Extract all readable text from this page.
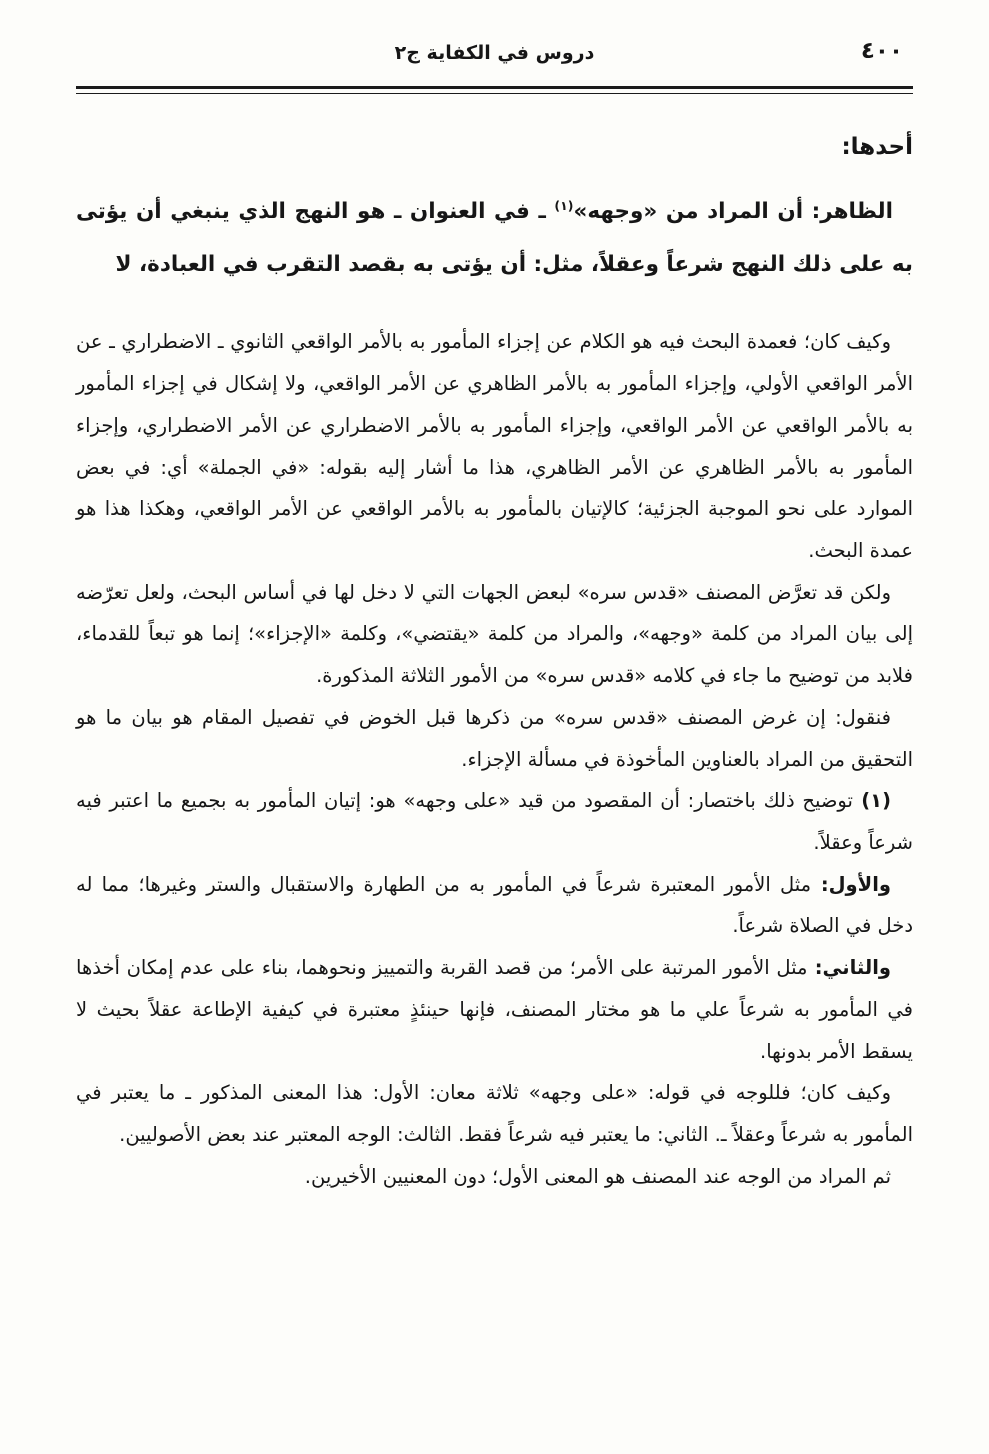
دروس في الكفاية ج٢	٤٠٠
أحدها:

الظاهر: أن المراد من «وجهه»$^{(١)}$ ـ في العنوان ـ هو النهج الذي ينبغي أن يؤتى به على ذلك النهج شرعاً وعقلاً، مثل: أن يؤتى به بقصد التقرب في العبادة، لا

وكيف كان؛ فعمدة البحث فيه هو الكلام عن إجزاء المأمور به بالأمر الواقعي الثانوي ـ الاضطراري ـ عن الأمر الواقعي الأولي، وإجزاء المأمور به بالأمر الظاهري عن الأمر الواقعي، ولا إشكال في إجزاء المأمور به بالأمر الواقعي عن الأمر الواقعي، وإجزاء المأمور به بالأمر الاضطراري عن الأمر الاضطراري، وإجزاء المأمور به بالأمر الظاهري عن الأمر الظاهري، هذا ما أشار إليه بقوله: «في الجملة» أي: في بعض الموارد على نحو الموجبة الجزئية؛ كالإتيان بالمأمور به بالأمر الواقعي عن الأمر الواقعي، وهكذا هذا هو عمدة البحث.

ولكن قد تعرَّض المصنف «قدس سره» لبعض الجهات التي لا دخل لها في أساس البحث، ولعل تعرّضه إلى بيان المراد من كلمة «وجهه»، والمراد من كلمة «يقتضي»، وكلمة «الإجزاء»؛ إنما هو تبعاً للقدماء، فلابد من توضيح ما جاء في كلامه «قدس سره» من الأمور الثلاثة المذكورة.

فنقول: إن غرض المصنف «قدس سره» من ذكرها قبل الخوض في تفصيل المقام هو بيان ما هو التحقيق من المراد بالعناوين المأخوذة في مسألة الإجزاء.

(١) توضيح ذلك باختصار: أن المقصود من قيد «على وجهه» هو: إتيان المأمور به بجميع ما اعتبر فيه شرعاً وعقلاً.

والأول: مثل الأمور المعتبرة شرعاً في المأمور به من الطهارة والاستقبال والستر وغيرها؛ مما له دخل في الصلاة شرعاً.

والثاني: مثل الأمور المرتبة على الأمر؛ من قصد القربة والتمييز ونحوهما، بناء على عدم إمكان أخذها في المأمور به شرعاً علي ما هو مختار المصنف، فإنها حينئذٍ معتبرة في كيفية الإطاعة عقلاً بحيث لا يسقط الأمر بدونها.

وكيف كان؛ فللوجه في قوله: «على وجهه» ثلاثة معان: الأول: هذا المعنى المذكور ـ ما يعتبر في المأمور به شرعاً وعقلاً ـ. الثاني: ما يعتبر فيه شرعاً فقط. الثالث: الوجه المعتبر عند بعض الأصوليين.

ثم المراد من الوجه عند المصنف هو المعنى الأول؛ دون المعنيين الأخيرين.
